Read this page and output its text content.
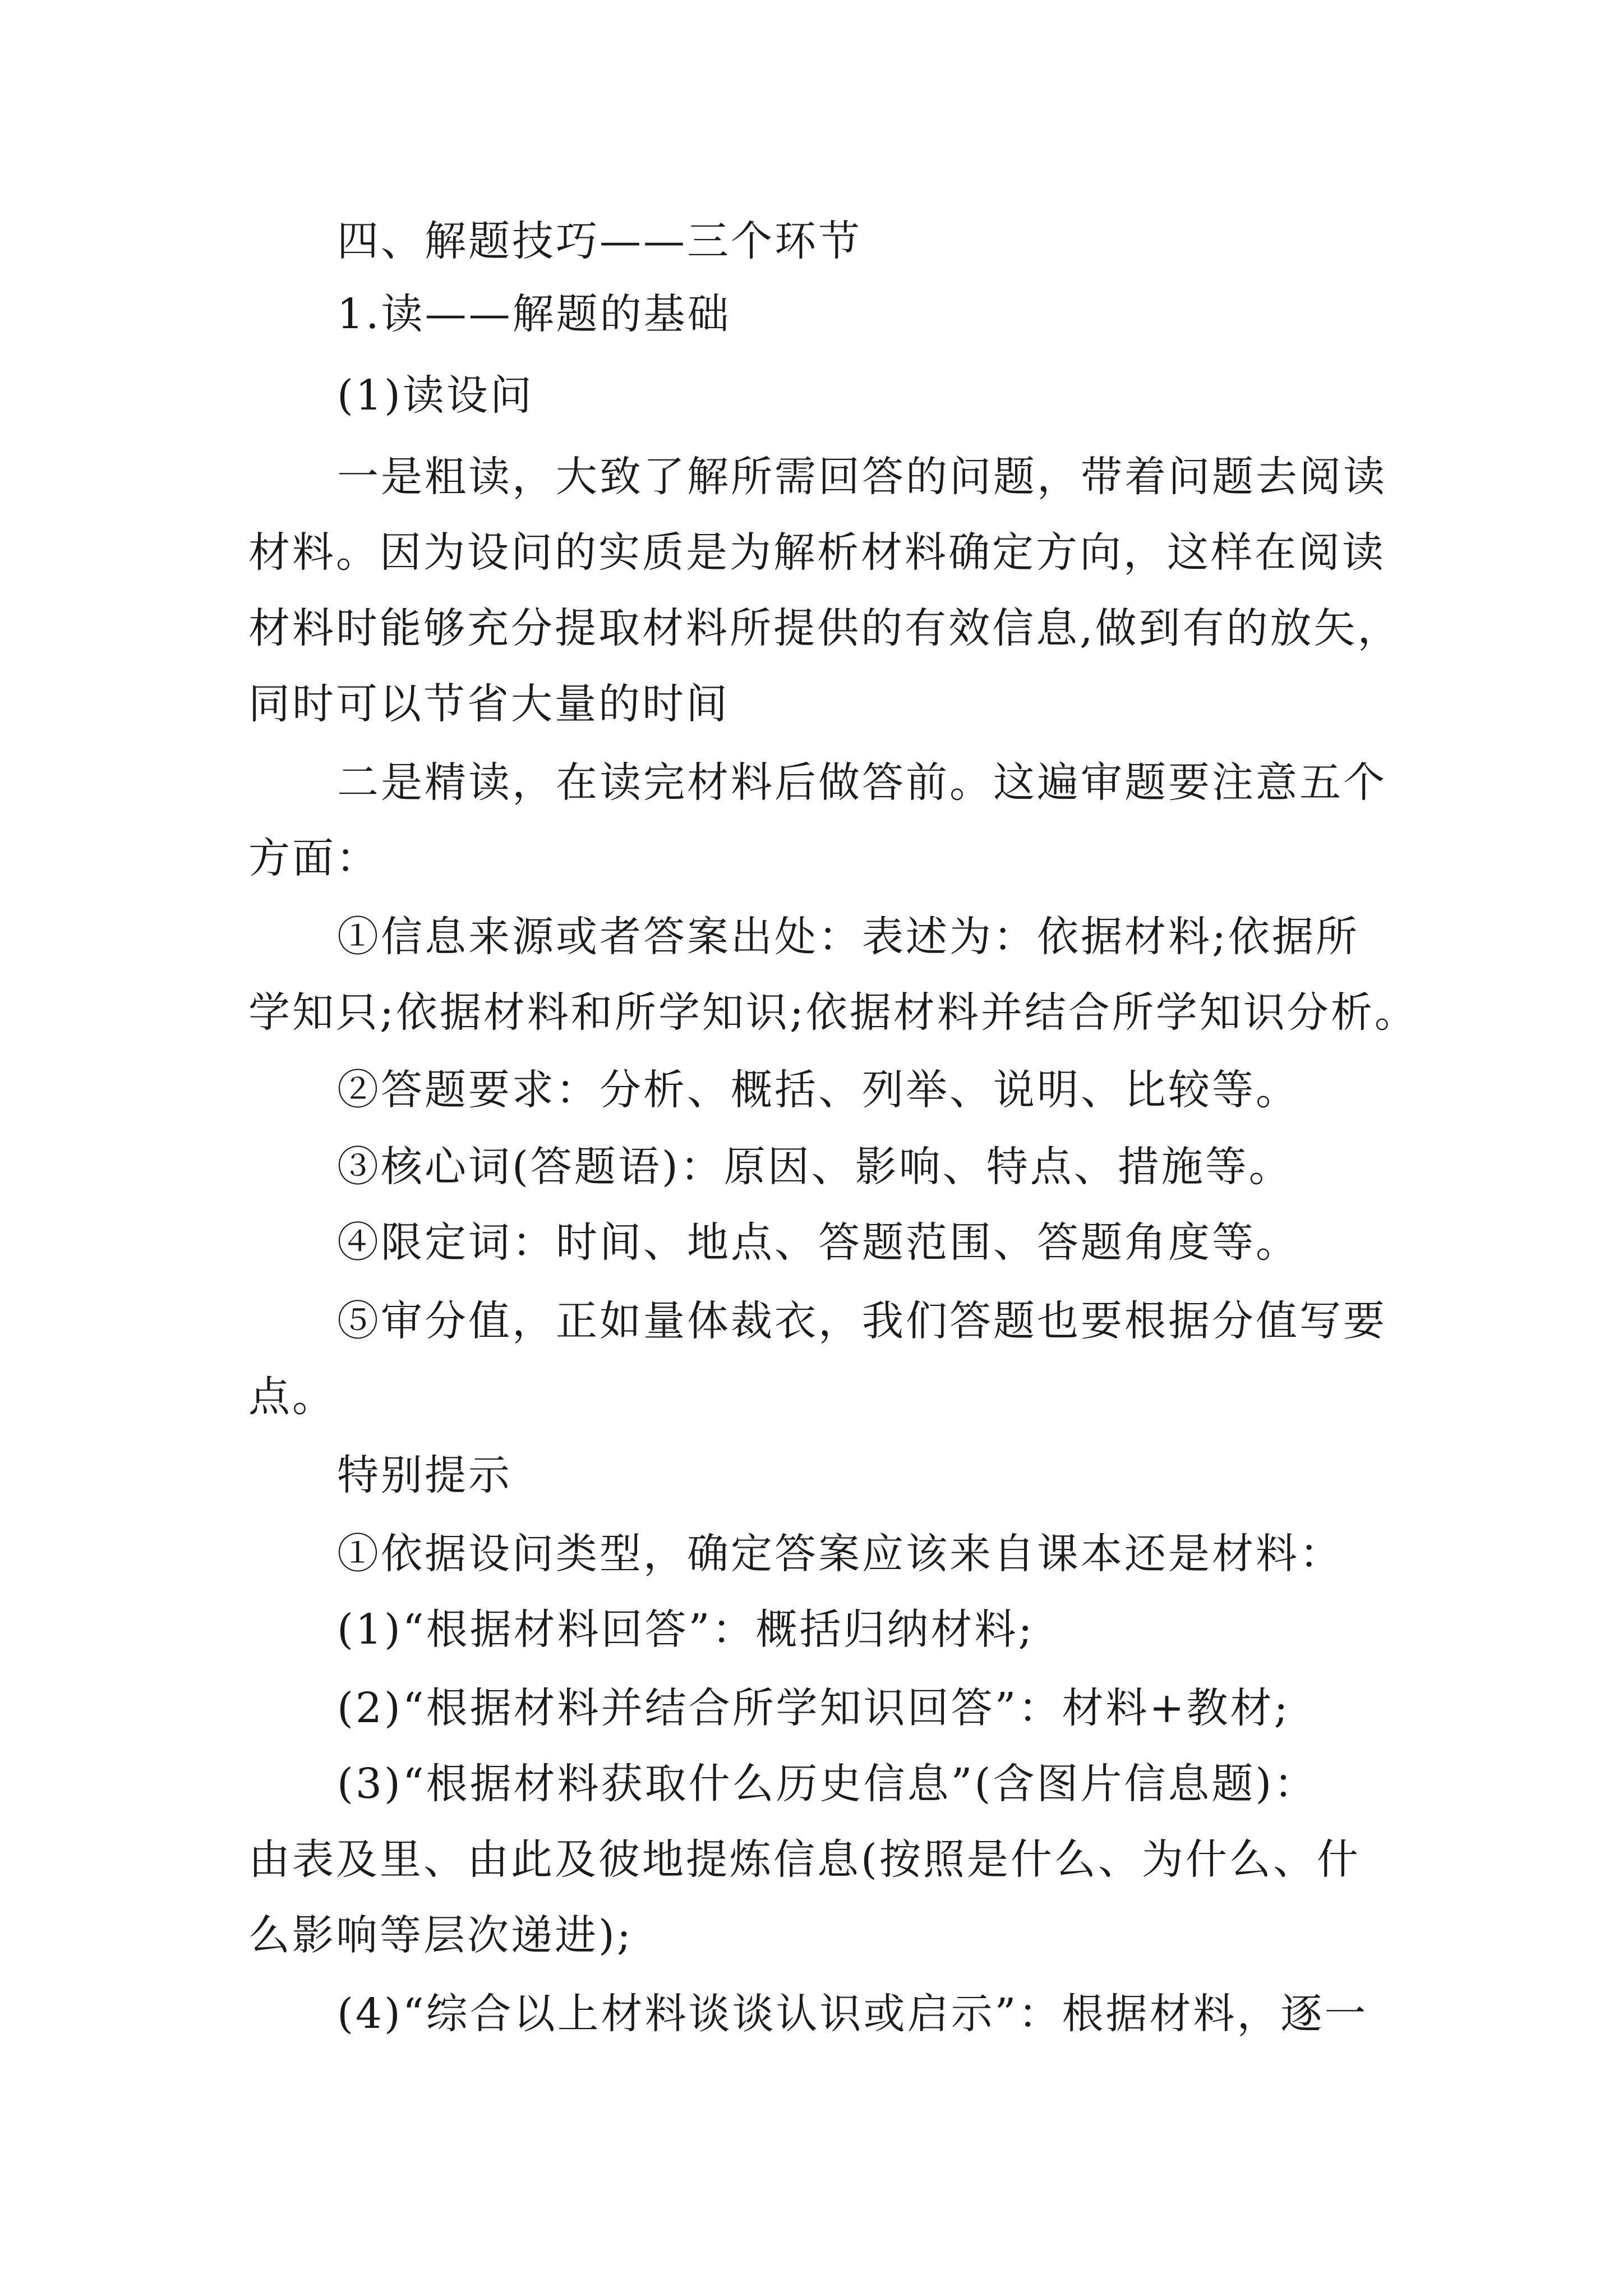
四、解题技巧——三个环节
1.读——解题的基础
(1)读设问
一是粗读，大致了解所需回答的问题，带着问题去阅读
材料。因为设问的实质是为解析材料确定方向，这样在阅读
材料时能够充分提取材料所提供的有效信息,做到有的放矢，
同时可以节省大量的时间
二是精读，在读完材料后做答前。这遍审题要注意五个
方面：
①信息来源或者答案出处：表述为：依据材料;依据所
学知只;依据材料和所学知识;依据材料并结合所学知识分析。
②答题要求：分析、概括、列举、说明、比较等。
③核心词(答题语)：原因、影响、特点、措施等。
④限定词：时间、地点、答题范围、答题角度等。
⑤审分值，正如量体裁衣，我们答题也要根据分值写要
点。
特别提示
①依据设问类型，确定答案应该来自课本还是材料：
(1)“根据材料回答”：概括归纳材料;
(2)“根据材料并结合所学知识回答”：材料+教材;
(3)“根据材料获取什么历史信息”(含图片信息题)：
由表及里、由此及彼地提炼信息(按照是什么、为什么、什
么影响等层次递进);
(4)“综合以上材料谈谈认识或启示”：根据材料，逐一
